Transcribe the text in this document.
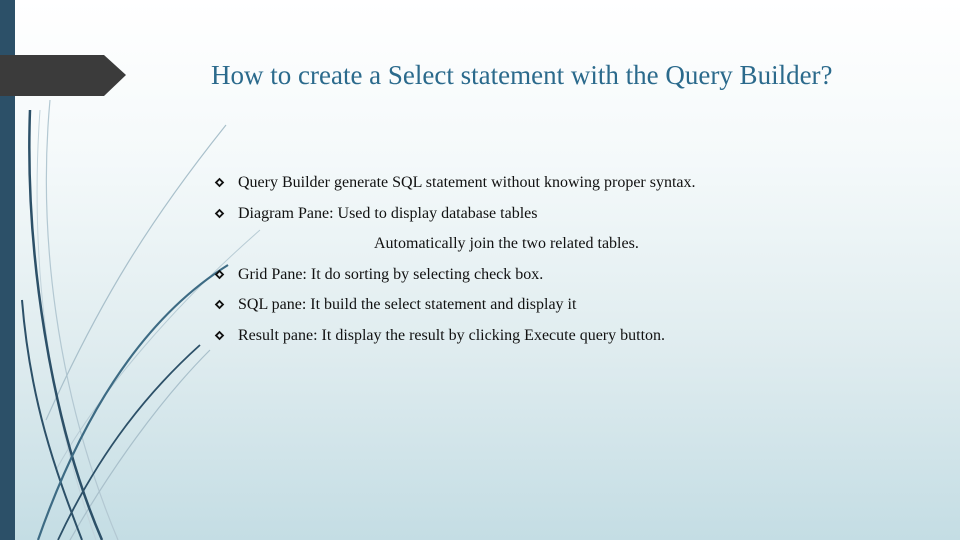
How to create a Select statement with the Query Builder?
Query Builder generate SQL statement without knowing proper syntax.
Diagram Pane: Used to display database tables
Automatically join the two related tables.
Grid Pane: It do sorting by selecting check box.
SQL pane: It build the select statement and display it
Result pane: It display the result by clicking Execute query button.
